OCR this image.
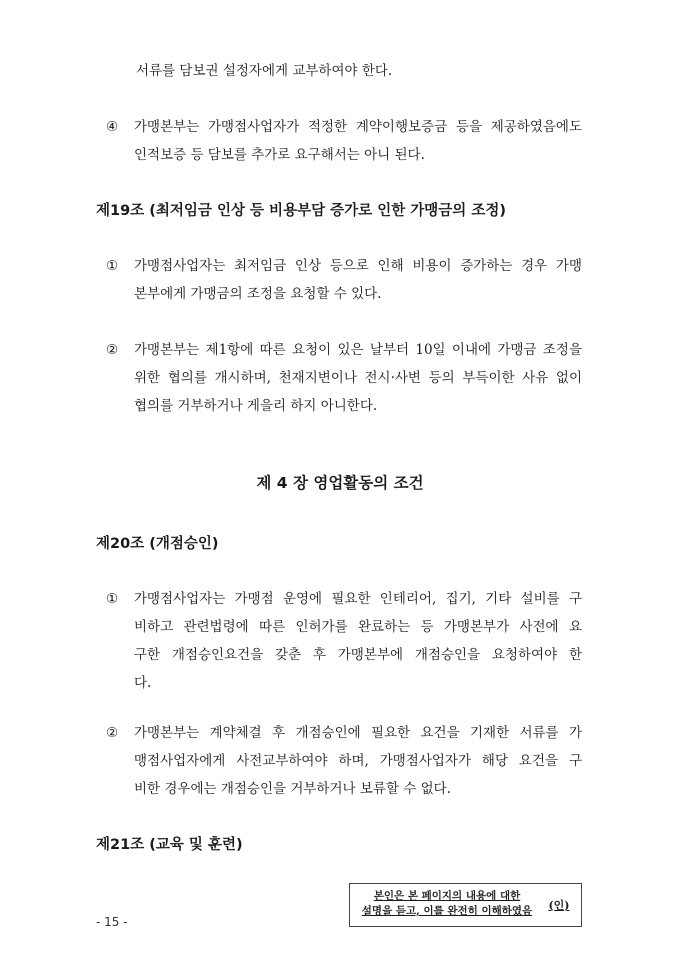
서류를 담보권 설정자에게 교부하여야 한다.
④	가맹본부는 가맹점사업자가 적정한 계약이행보증금 등을 제공하였음에도
인적보증 등 담보를 추가로 요구해서는 아니 된다.
제19조 (최저임금 인상 등 비용부담 증가로 인한 가맹금의 조정)
①	가맹점사업자는 최저임금 인상 등으로 인해 비용이 증가하는 경우 가맹
본부에게 가맹금의 조정을 요청할 수 있다.
②	가맹본부는 제1항에 따른 요청이 있은 날부터 10일 이내에 가맹금 조정을
위한 협의를 개시하며, 천재지변이나 전시·사변 등의 부득이한 사유 없이
협의를 거부하거나 게을리 하지 아니한다.
제 4 장 영업활동의 조건
제20조 (개점승인)
①	가맹점사업자는 가맹점 운영에 필요한 인테리어, 집기, 기타 설비를 구
비하고 관련법령에 따른 인허가를 완료하는 등 가맹본부가 사전에 요
구한 개점승인요건을 갖춘 후 가맹본부에 개점승인을 요청하여야 한
다.
②	가맹본부는 계약체결 후 개점승인에 필요한 요건을 기재한 서류를 가
맹점사업자에게 사전교부하여야 하며, 가맹점사업자가 해당 요건을 구
비한 경우에는 개점승인을 거부하거나 보류할 수 없다.
제21조 (교육 및 훈련)
- 15 -
본인은 본 페이지의 내용에 대한
설명을 듣고, 이를 완전히 이해하였음	(인)
